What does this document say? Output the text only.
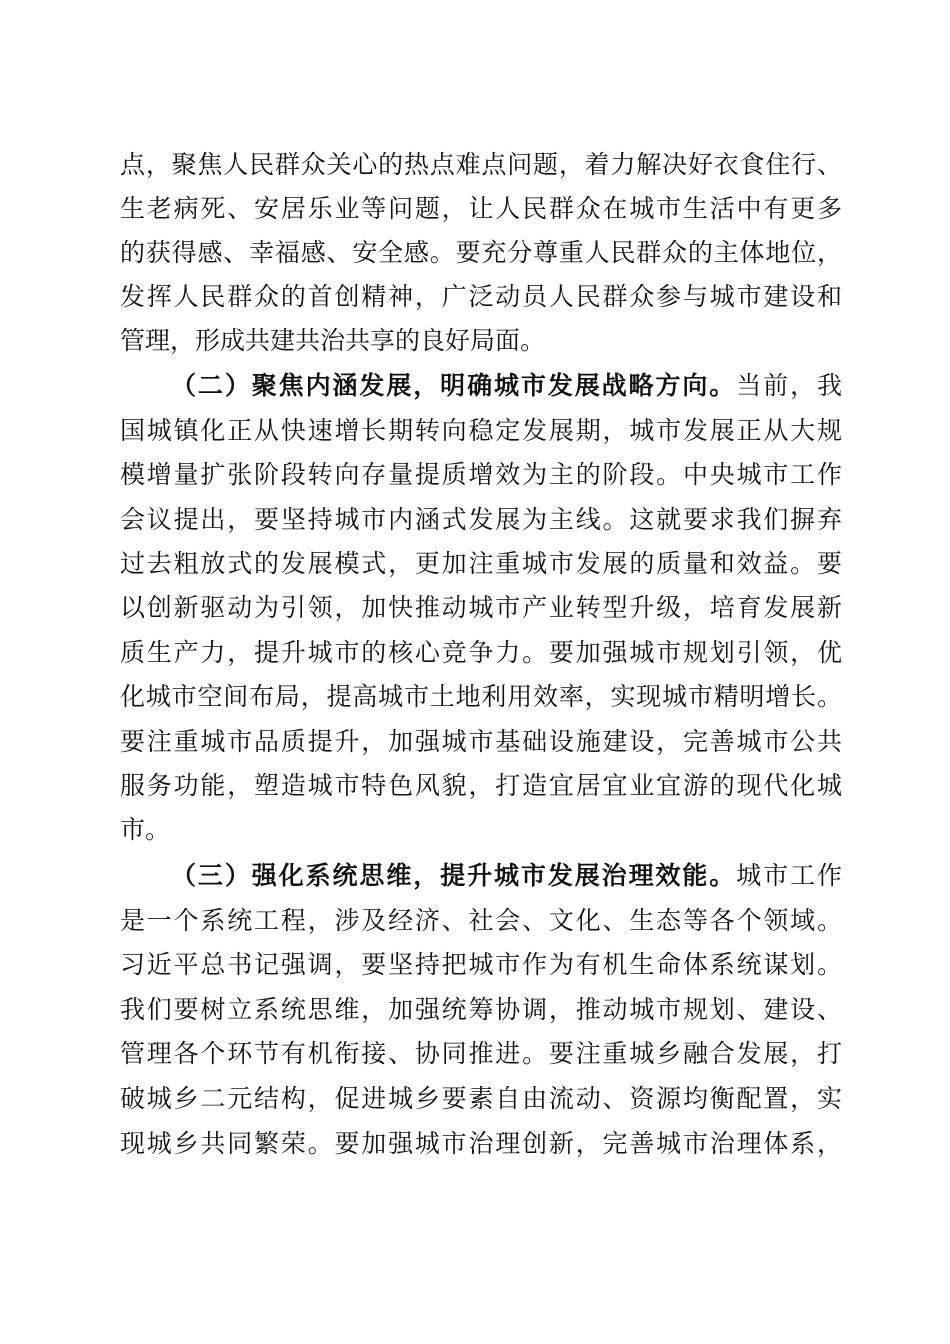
点，聚焦人民群众关心的热点难点问题，着力解决好衣食住行、
生老病死、安居乐业等问题，让人民群众在城市生活中有更多
的获得感、幸福感、安全感。要充分尊重人民群众的主体地位，
发挥人民群众的首创精神，广泛动员人民群众参与城市建设和
管理，形成共建共治共享的良好局面。
（二）聚焦内涵发展，明确城市发展战略方向。当前，我
国城镇化正从快速增长期转向稳定发展期，城市发展正从大规
模增量扩张阶段转向存量提质增效为主的阶段。中央城市工作
会议提出，要坚持城市内涵式发展为主线。这就要求我们摒弃
过去粗放式的发展模式，更加注重城市发展的质量和效益。要
以创新驱动为引领，加快推动城市产业转型升级，培育发展新
质生产力，提升城市的核心竞争力。要加强城市规划引领，优
化城市空间布局，提高城市土地利用效率，实现城市精明增长。
要注重城市品质提升，加强城市基础设施建设，完善城市公共
服务功能，塑造城市特色风貌，打造宜居宜业宜游的现代化城
市。
（三）强化系统思维，提升城市发展治理效能。城市工作
是一个系统工程，涉及经济、社会、文化、生态等各个领域。
习近平总书记强调，要坚持把城市作为有机生命体系统谋划。
我们要树立系统思维，加强统筹协调，推动城市规划、建设、
管理各个环节有机衔接、协同推进。要注重城乡融合发展，打
破城乡二元结构，促进城乡要素自由流动、资源均衡配置，实
现城乡共同繁荣。要加强城市治理创新，完善城市治理体系，
